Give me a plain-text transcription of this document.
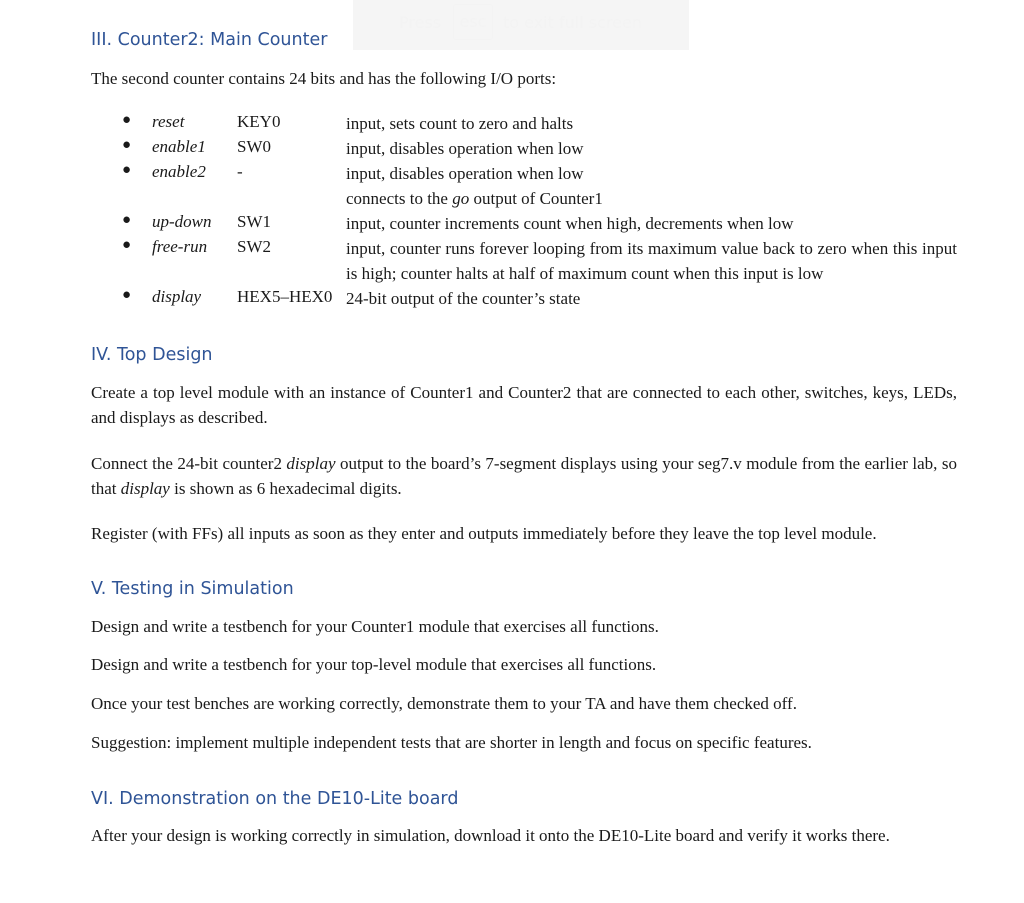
III. Counter2: Main Counter

The second counter contains 24 bits and has the following I/O ports:

● reset	KEY0	input, sets count to zero and halts
● enable1 SW0	input, disables operation when low
● enable2 -	input, disables operation when low
connects to the go output of Counter1
● up-down SW1	input, counter increments count when high, decrements when low
● free-run SW2	input, counter runs forever looping from its maximum value back to zero when this input is high; counter halts at half of maximum count when this input is low
● display HEX5–HEX0 24-bit output of the counter’s state
IV. Top Design

Create a top level module with an instance of Counter1 and Counter2 that are connected to each other, switches, keys, LEDs, and displays as described.

Connect the 24-bit counter2 display output to the board’s 7-segment displays using your seg7.v module from the earlier lab, so that display is shown as 6 hexadecimal digits.

Register (with FFs) all inputs as soon as they enter and outputs immediately before they leave the top level module.

V. Testing in Simulation

Design and write a testbench for your Counter1 module that exercises all functions.

Design and write a testbench for your top-level module that exercises all functions.

Once your test benches are working correctly, demonstrate them to your TA and have them checked off.

Suggestion: implement multiple independent tests that are shorter in length and focus on specific features.

VI. Demonstration on the DE10-Lite board

After your design is working correctly in simulation, download it onto the DE10-Lite board and verify it works there.

Press	esc	to exit full screen
